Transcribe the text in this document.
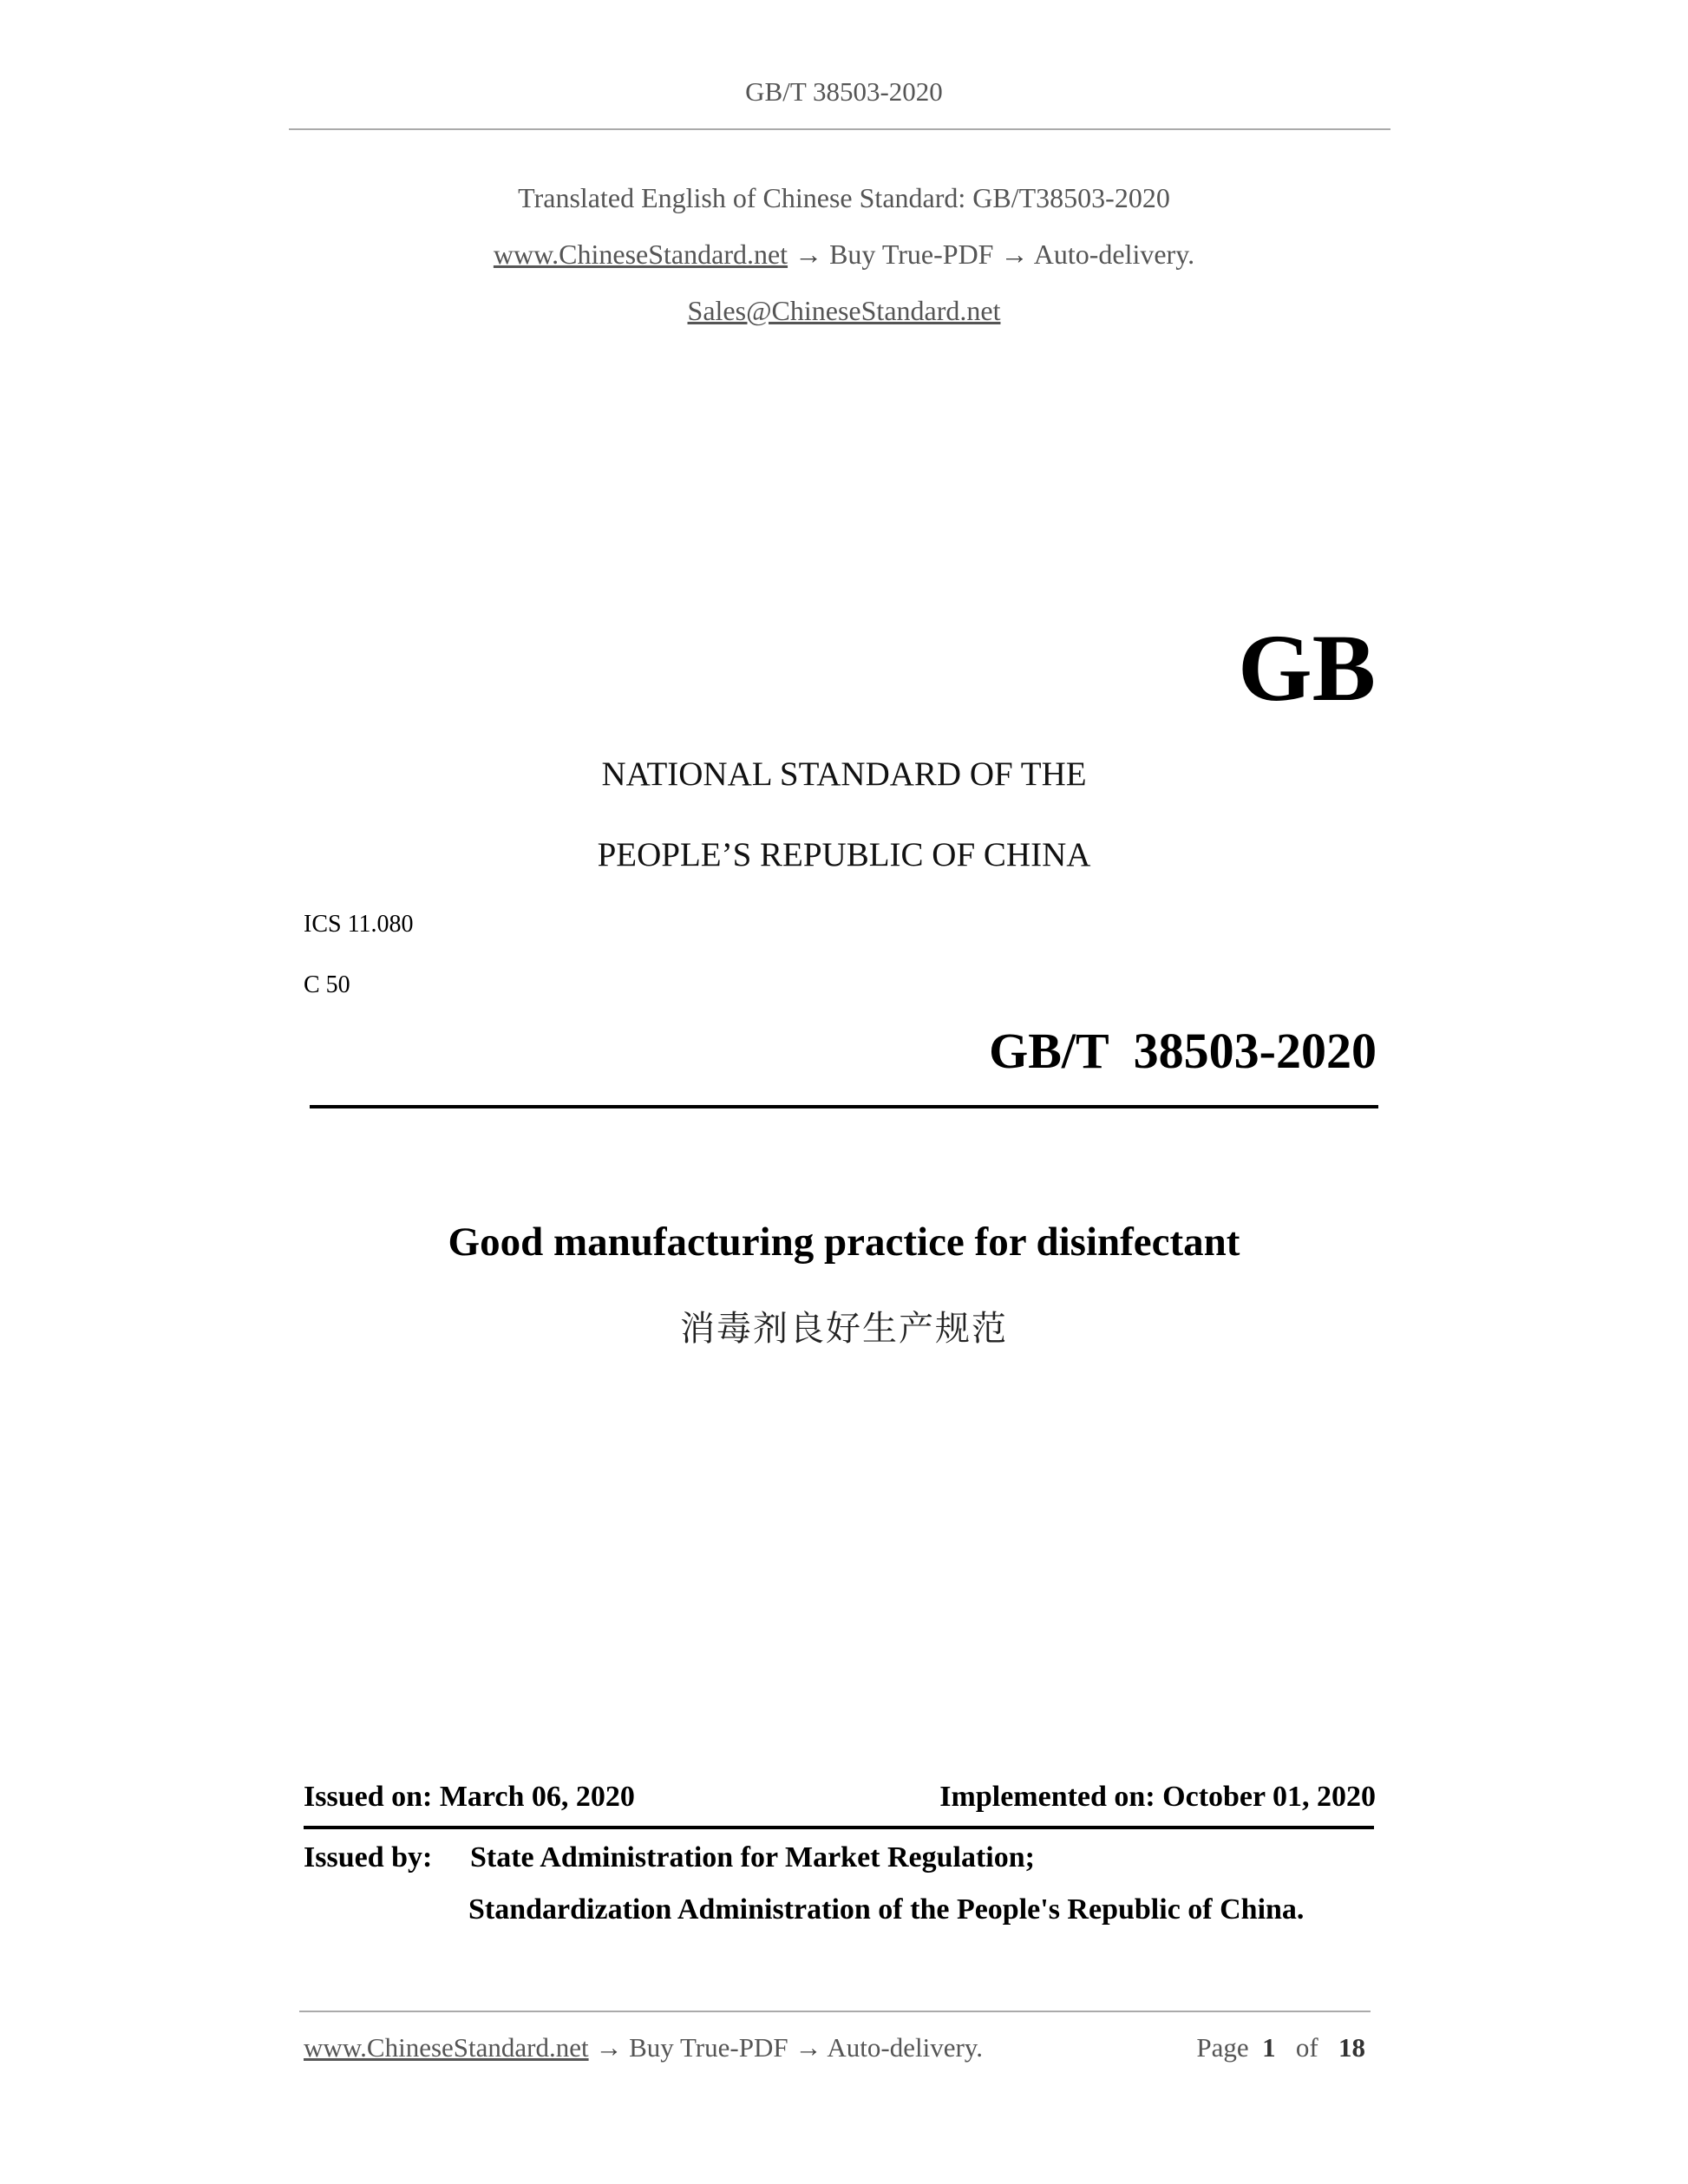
GB/T 38503-2020
Translated English of Chinese Standard: GB/T38503-2020
www.ChineseStandard.net → Buy True-PDF → Auto-delivery.
Sales@ChineseStandard.net
GB
NATIONAL STANDARD OF THE
PEOPLE’S REPUBLIC OF CHINA
ICS 11.080
C 50
GB/T  38503-2020
Good manufacturing practice for disinfectant
消毒剂良好生产规范
Issued on: March 06, 2020	Implemented on: October 01, 2020
Issued by: State Administration for Market Regulation;
Standardization Administration of the People's Republic of China.
www.ChineseStandard.net → Buy True-PDF → Auto-delivery.	Page 1 of 18
